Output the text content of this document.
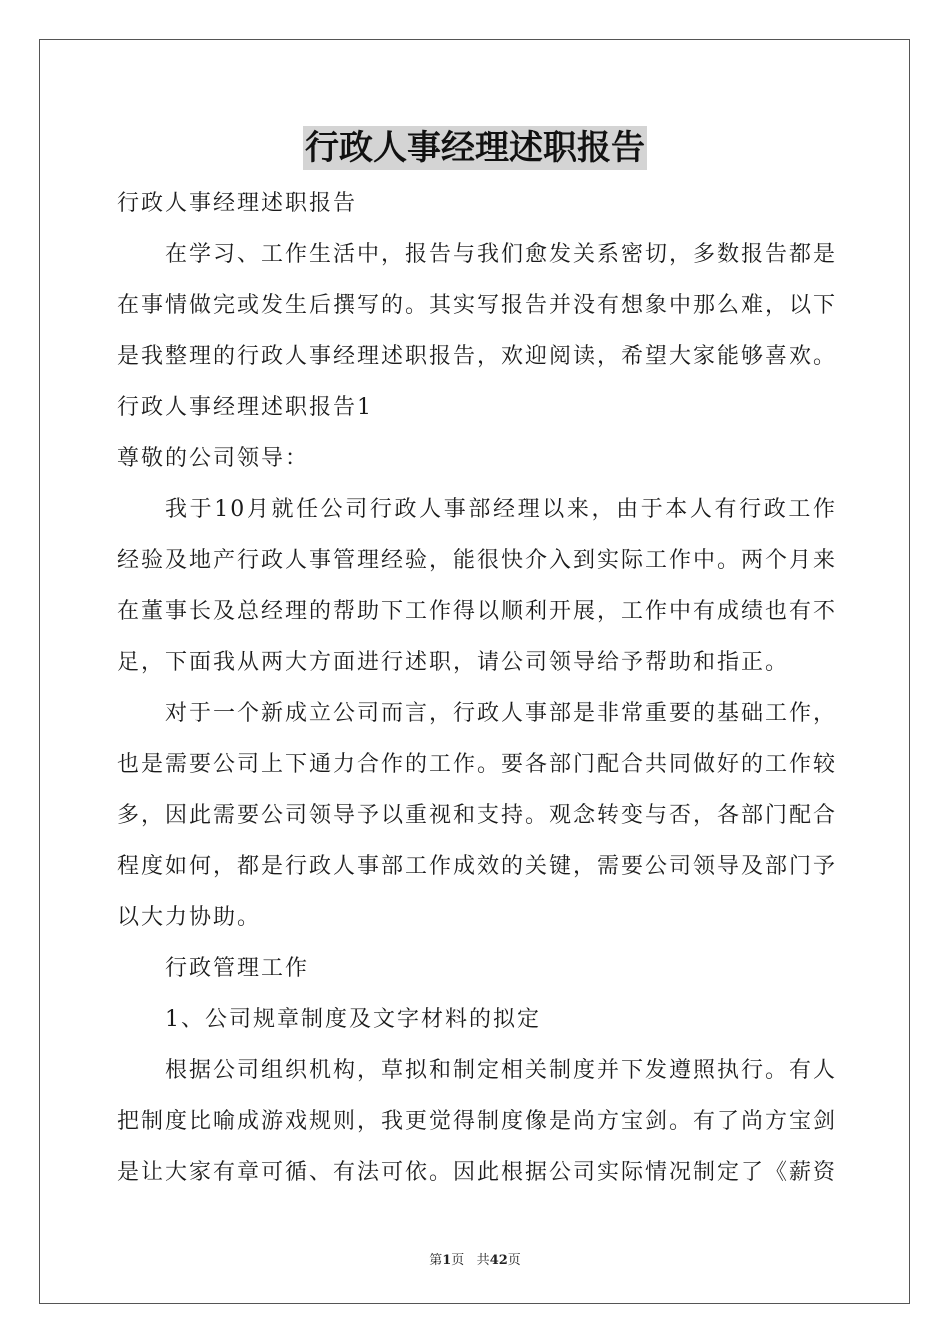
行政人事经理述职报告

行政人事经理述职报告

在学习、工作生活中，报告与我们愈发关系密切，多数报告都是在事情做完或发生后撰写的。其实写报告并没有想象中那么难，以下是我整理的行政人事经理述职报告，欢迎阅读，希望大家能够喜欢。

行政人事经理述职报告1

尊敬的公司领导：

我于10月就任公司行政人事部经理以来，由于本人有行政工作经验及地产行政人事管理经验，能很快介入到实际工作中。两个月来在董事长及总经理的帮助下工作得以顺利开展，工作中有成绩也有不足，下面我从两大方面进行述职，请公司领导给予帮助和指正。

对于一个新成立公司而言，行政人事部是非常重要的基础工作，也是需要公司上下通力合作的工作。要各部门配合共同做好的工作较多，因此需要公司领导予以重视和支持。观念转变与否，各部门配合程度如何，都是行政人事部工作成效的关键，需要公司领导及部门予以大力协助。

行政管理工作

1、公司规章制度及文字材料的拟定

根据公司组织机构，草拟和制定相关制度并下发遵照执行。有人把制度比喻成游戏规则，我更觉得制度像是尚方宝剑。有了尚方宝剑是让大家有章可循、有法可依。因此根据公司实际情况制定了《薪资

第1页 共42页
